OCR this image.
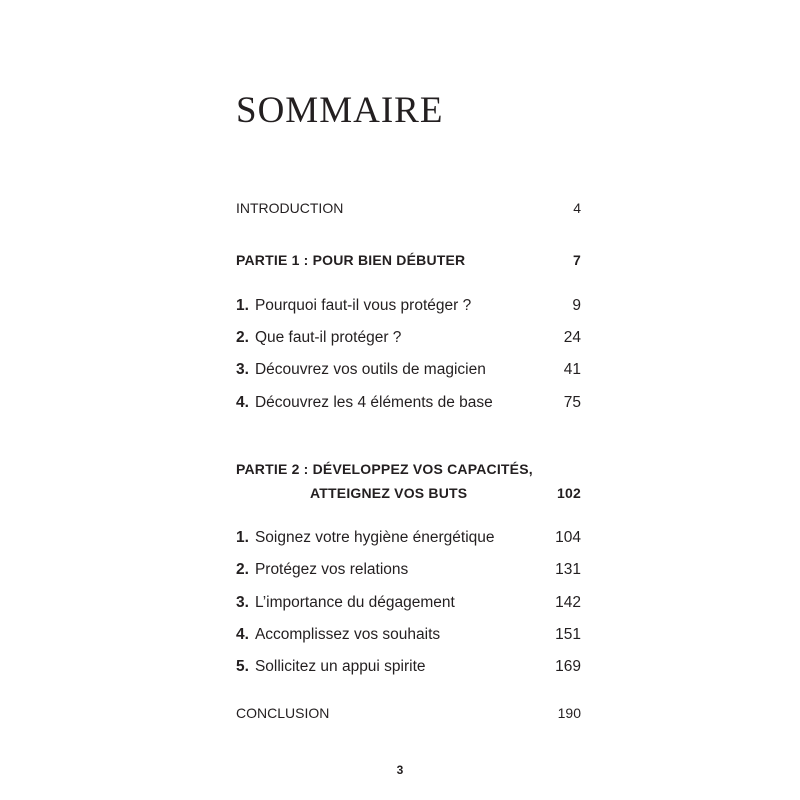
SOMMAIRE
INTRODUCTION	4
PARTIE 1 : POUR BIEN DÉBUTER	7
1. Pourquoi faut-il vous protéger ?	9
2. Que faut-il protéger ?	24
3. Découvrez vos outils de magicien	41
4. Découvrez les 4 éléments de base	75
PARTIE 2 : DÉVELOPPEZ VOS CAPACITÉS,
ATTEIGNEZ VOS BUTS	102
1. Soignez votre hygiène énergétique	104
2. Protégez vos relations	131
3. L’importance du dégagement	142
4. Accomplissez vos souhaits	151
5. Sollicitez un appui spirite	169
CONCLUSION	190
3
